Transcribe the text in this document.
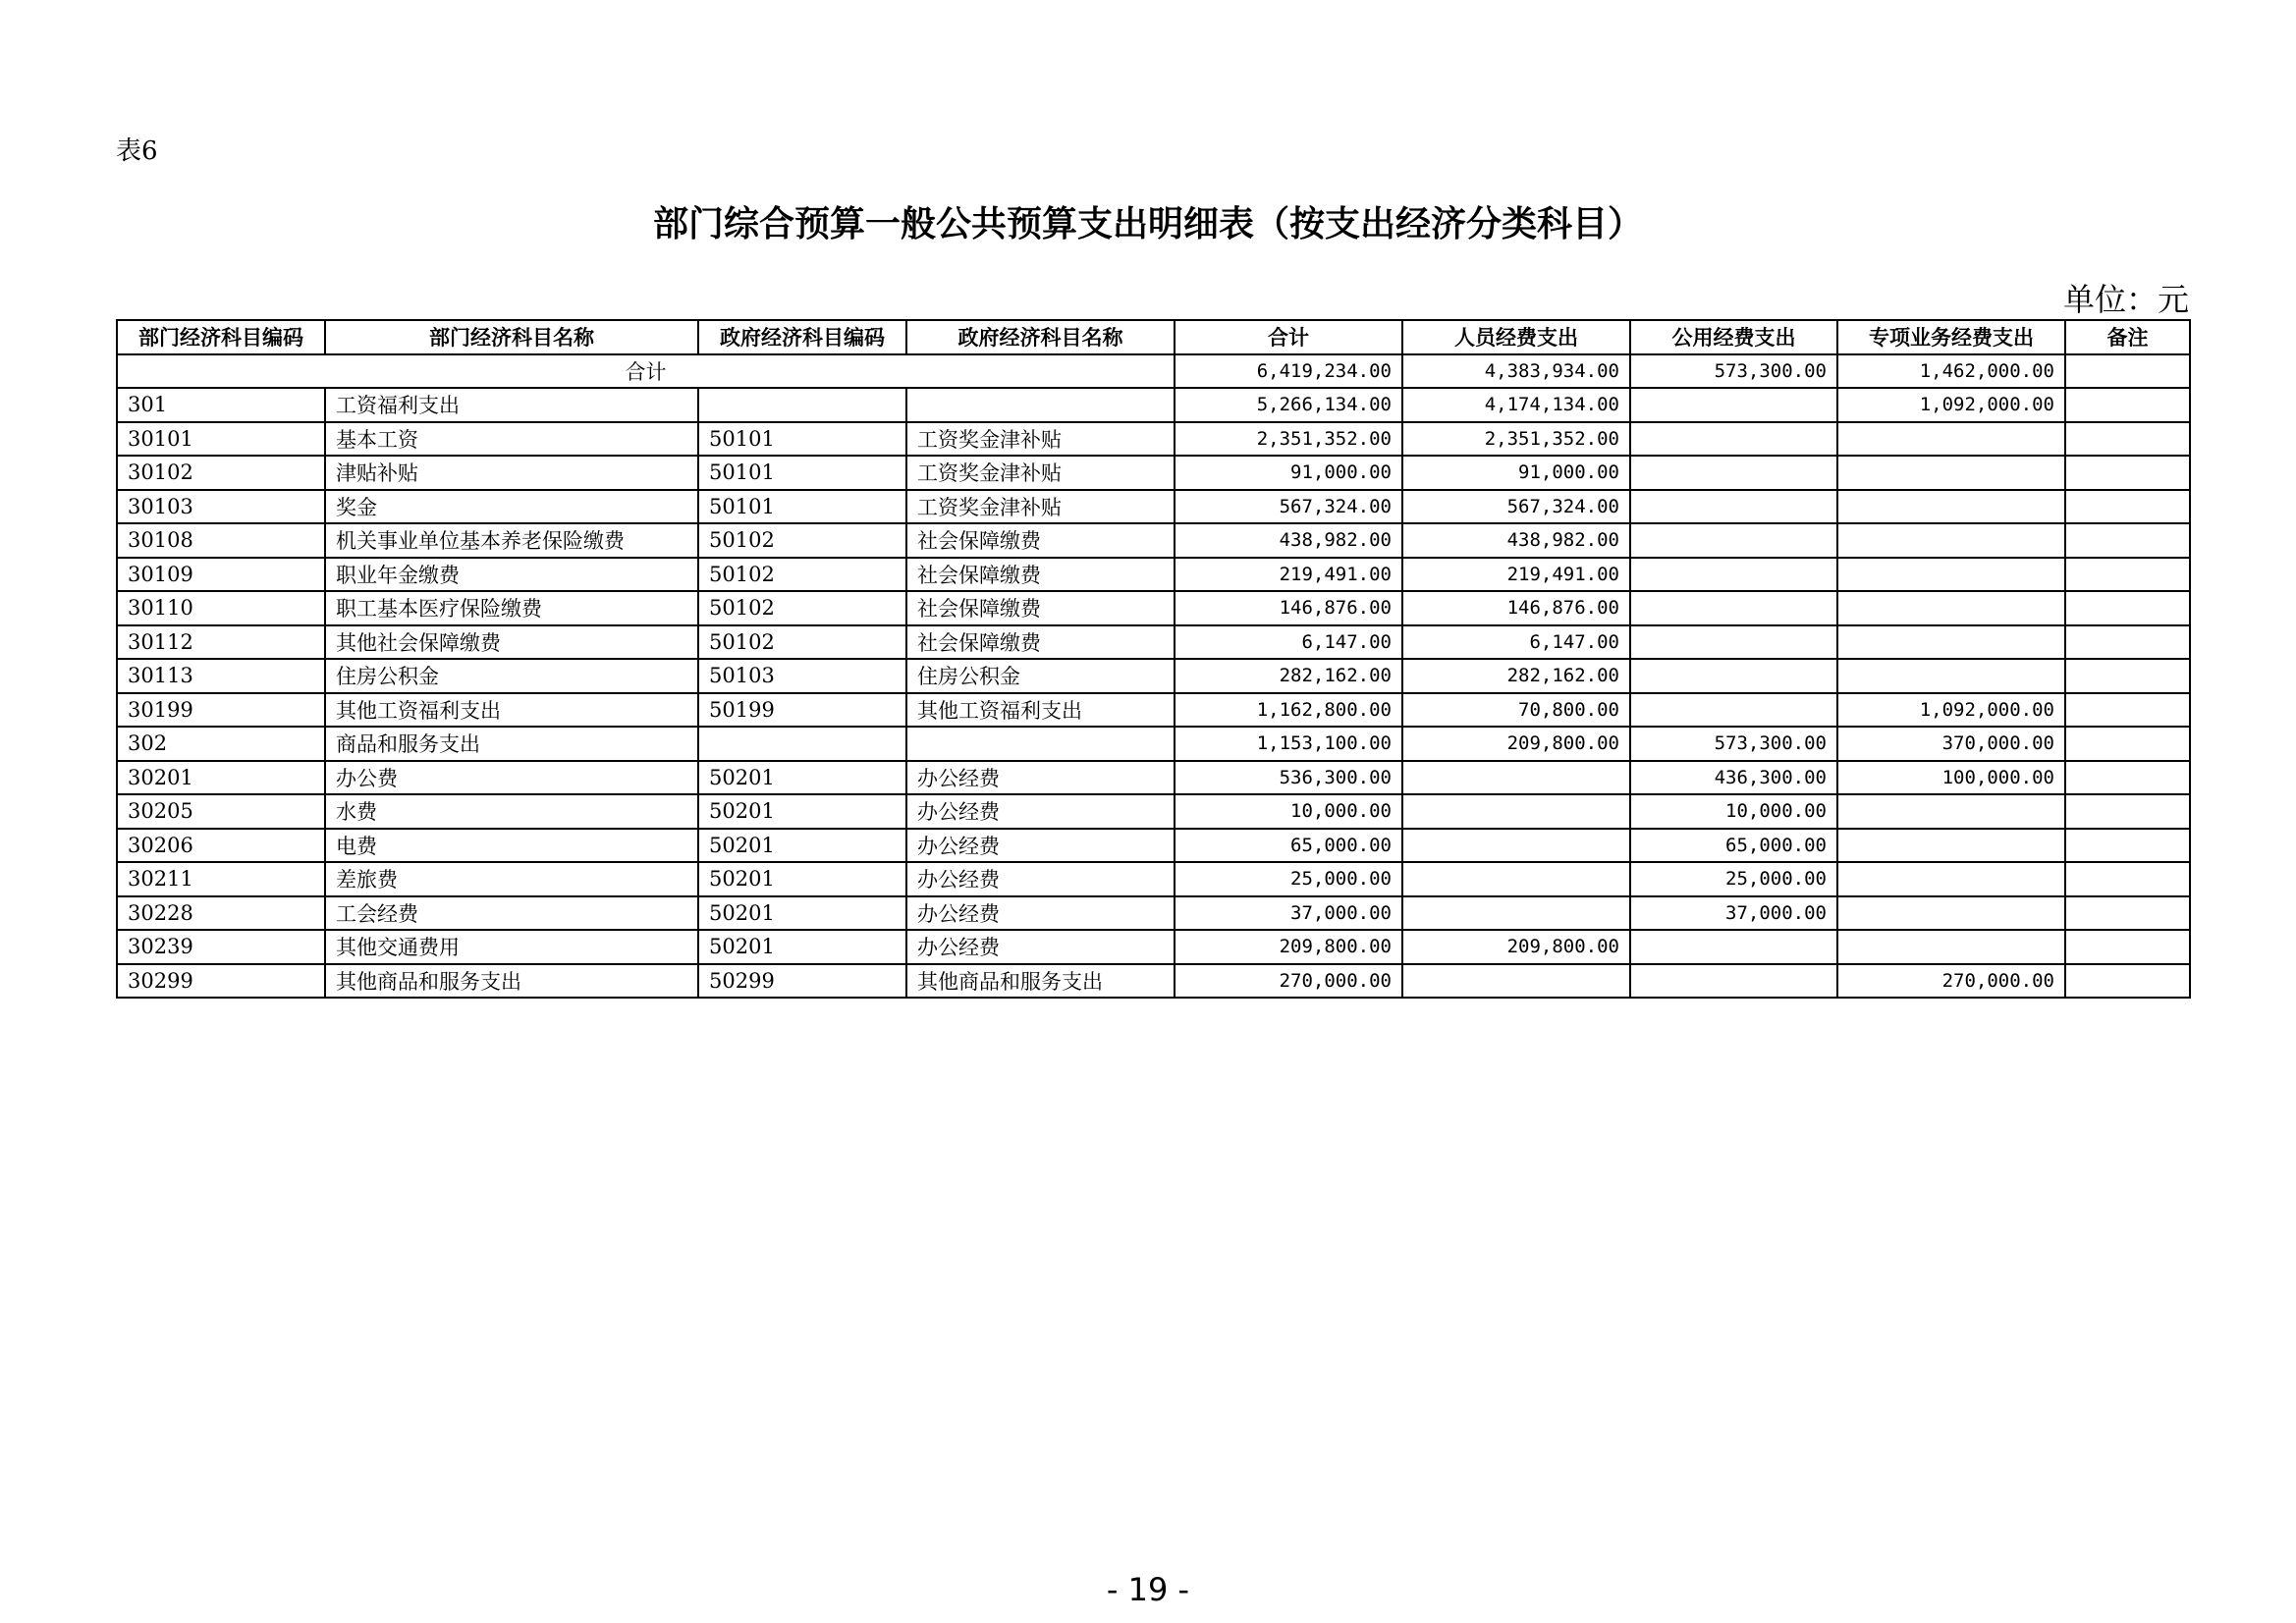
表6
部门综合预算一般公共预算支出明细表（按支出经济分类科目）
单位：元
部门经济科目编码	部门经济科目名称	政府经济科目编码	政府经济科目名称	合计	人员经费支出	公用经费支出	专项业务经费支出	备注
合计				6,419,234.00	4,383,934.00	573,300.00	1,462,000.00	
301	工资福利支出			5,266,134.00	4,174,134.00		1,092,000.00	
30101	基本工资	50101	工资奖金津补贴	2,351,352.00	2,351,352.00			
30102	津贴补贴	50101	工资奖金津补贴	91,000.00	91,000.00			
30103	奖金	50101	工资奖金津补贴	567,324.00	567,324.00			
30108	机关事业单位基本养老保险缴费	50102	社会保障缴费	438,982.00	438,982.00			
30109	职业年金缴费	50102	社会保障缴费	219,491.00	219,491.00			
30110	职工基本医疗保险缴费	50102	社会保障缴费	146,876.00	146,876.00			
30112	其他社会保障缴费	50102	社会保障缴费	6,147.00	6,147.00			
30113	住房公积金	50103	住房公积金	282,162.00	282,162.00			
30199	其他工资福利支出	50199	其他工资福利支出	1,162,800.00	70,800.00		1,092,000.00	
302	商品和服务支出			1,153,100.00	209,800.00	573,300.00	370,000.00	
30201	办公费	50201	办公经费	536,300.00		436,300.00	100,000.00	
30205	水费	50201	办公经费	10,000.00		10,000.00		
30206	电费	50201	办公经费	65,000.00		65,000.00		
30211	差旅费	50201	办公经费	25,000.00		25,000.00		
30228	工会经费	50201	办公经费	37,000.00		37,000.00		
30239	其他交通费用	50201	办公经费	209,800.00	209,800.00			
30299	其他商品和服务支出	50299	其他商品和服务支出	270,000.00			270,000.00	
- 19 -
